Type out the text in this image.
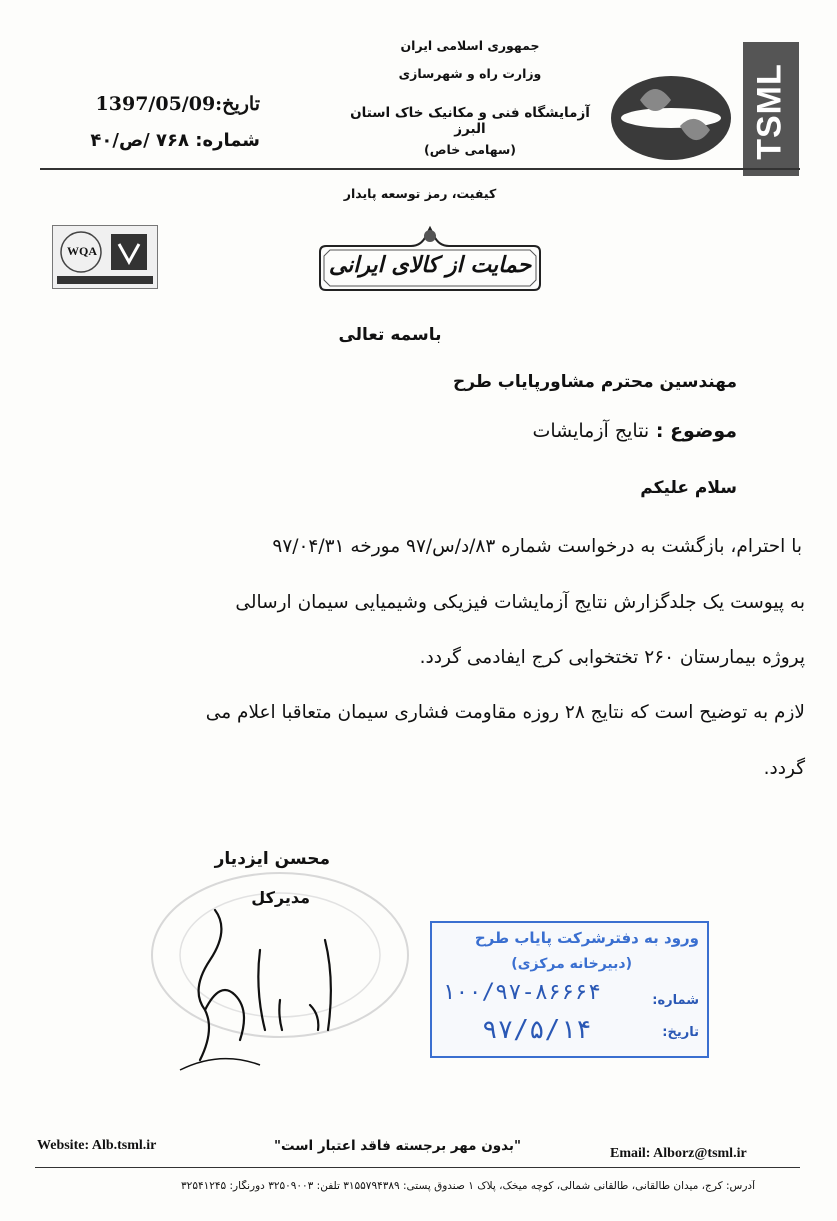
جمهوری اسلامی ایران
وزارت راه و شهرسازی
آزمایشگاه فنی و مکانیک خاک استان البرز
(سهامی خاص)
تاریخ:1397/05/09
شماره: ۷۶۸ /ص/۴۰	TSML
کیفیت، رمز توسعه پایدار
حمایت از کالای ایرانی
WQA
باسمه تعالی
مهندسین محترم مشاورپایاب طرح
موضوع : نتایج آزمایشات
سلام علیکم
با احترام، بازگشت به درخواست شماره ۸۳/د/س/۹۷ مورخه ۹۷/۰۴/۳۱
به پیوست یک جلدگزارش نتایج آزمایشات فیزیکی وشیمیایی سیمان ارسالی
پروژه بیمارستان ۲۶۰ تختخوابی کرج ایفادمی گردد.
لازم به توضیح است که نتایج ۲۸ روزه مقاومت فشاری سیمان متعاقبا اعلام می
گردد.
محسن ایزدیار
مدیرکل
ورود به دفترشرکت پایاب طرح
(دبیرخانه مرکزی)
شماره:
۱۰۰/۹۷-۸۶۶۶۴
تاریخ:
۹۷/۵/۱۴
Website: Alb.tsml.ir	"بدون مهر برجسته فاقد اعتبار است"	Email: Alborz@tsml.ir
آدرس: کرج، میدان طالقانی، طالقانی شمالی، کوچه میخک، پلاک ۱ صندوق پستی: ۳۱۵۵۷۹۴۳۸۹ تلفن: ۳۲۵۰۹۰۰۳ دورنگار: ۳۲۵۴۱۲۴۵
